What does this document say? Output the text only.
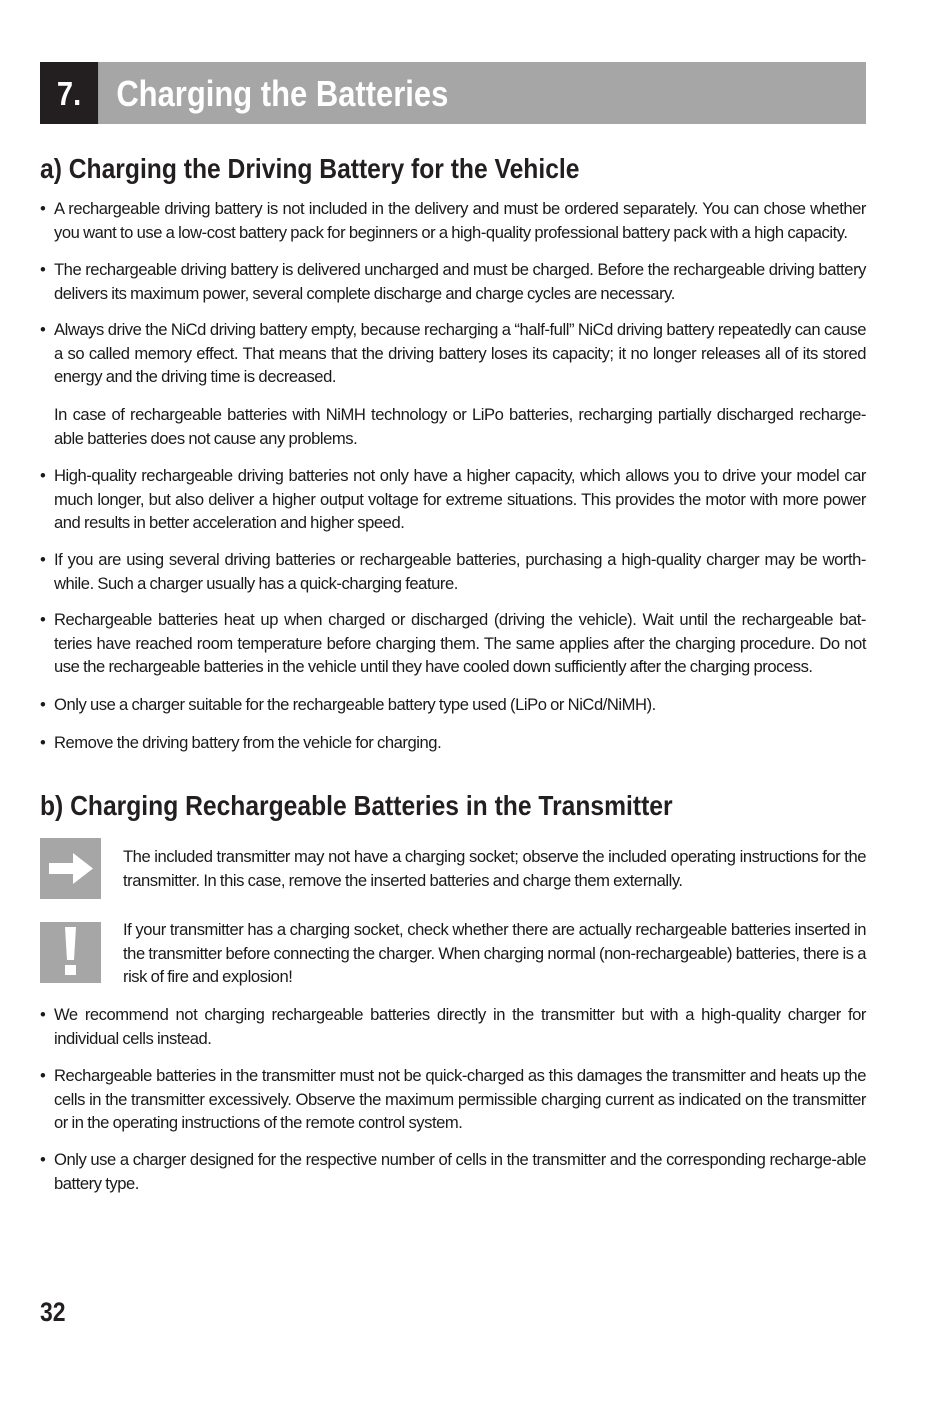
7. Charging the Batteries
a) Charging the Driving Battery for the Vehicle
• A rechargeable driving battery is not included in the delivery and must be ordered separately. You can chose whether you want to use a low-cost battery pack for beginners or a high-quality professional battery pack with a high capacity.
• The rechargeable driving battery is delivered uncharged and must be charged. Before the rechargeable driving battery delivers its maximum power, several complete discharge and charge cycles are necessary.
• Always drive the NiCd driving battery empty, because recharging a “half-full” NiCd driving battery repeatedly can cause a so called memory effect. That means that the driving battery loses its capacity; it no longer releases all of its stored energy and the driving time is decreased.
In case of rechargeable batteries with NiMH technology or LiPo batteries, recharging partially discharged recharge-able batteries does not cause any problems.
• High-quality rechargeable driving batteries not only have a higher capacity, which allows you to drive your model car much longer, but also deliver a higher output voltage for extreme situations. This provides the motor with more power and results in better acceleration and higher speed.
• If you are using several driving batteries or rechargeable batteries, purchasing a high-quality charger may be worth-while. Such a charger usually has a quick-charging feature.
• Rechargeable batteries heat up when charged or discharged (driving the vehicle). Wait until the rechargeable bat-teries have reached room temperature before charging them. The same applies after the charging procedure. Do not use the rechargeable batteries in the vehicle until they have cooled down sufficiently after the charging process.
• Only use a charger suitable for the rechargeable battery type used (LiPo or NiCd/NiMH).
• Remove the driving battery from the vehicle for charging.
b) Charging Rechargeable Batteries in the Transmitter

The included transmitter may not have a charging socket; observe the included operating instructions for the transmitter. In this case, remove the inserted batteries and charge them externally.

If your transmitter has a charging socket, check whether there are actually rechargeable batteries inserted in the transmitter before connecting the charger. When charging normal (non-rechargeable) batteries, there is a risk of fire and explosion!

• We recommend not charging rechargeable batteries directly in the transmitter but with a high-quality charger for individual cells instead.
• Rechargeable batteries in the transmitter must not be quick-charged as this damages the transmitter and heats up the cells in the transmitter excessively. Observe the maximum permissible charging current as indicated on the transmitter or in the operating instructions of the remote control system.
• Only use a charger designed for the respective number of cells in the transmitter and the corresponding recharge-able battery type.
32
